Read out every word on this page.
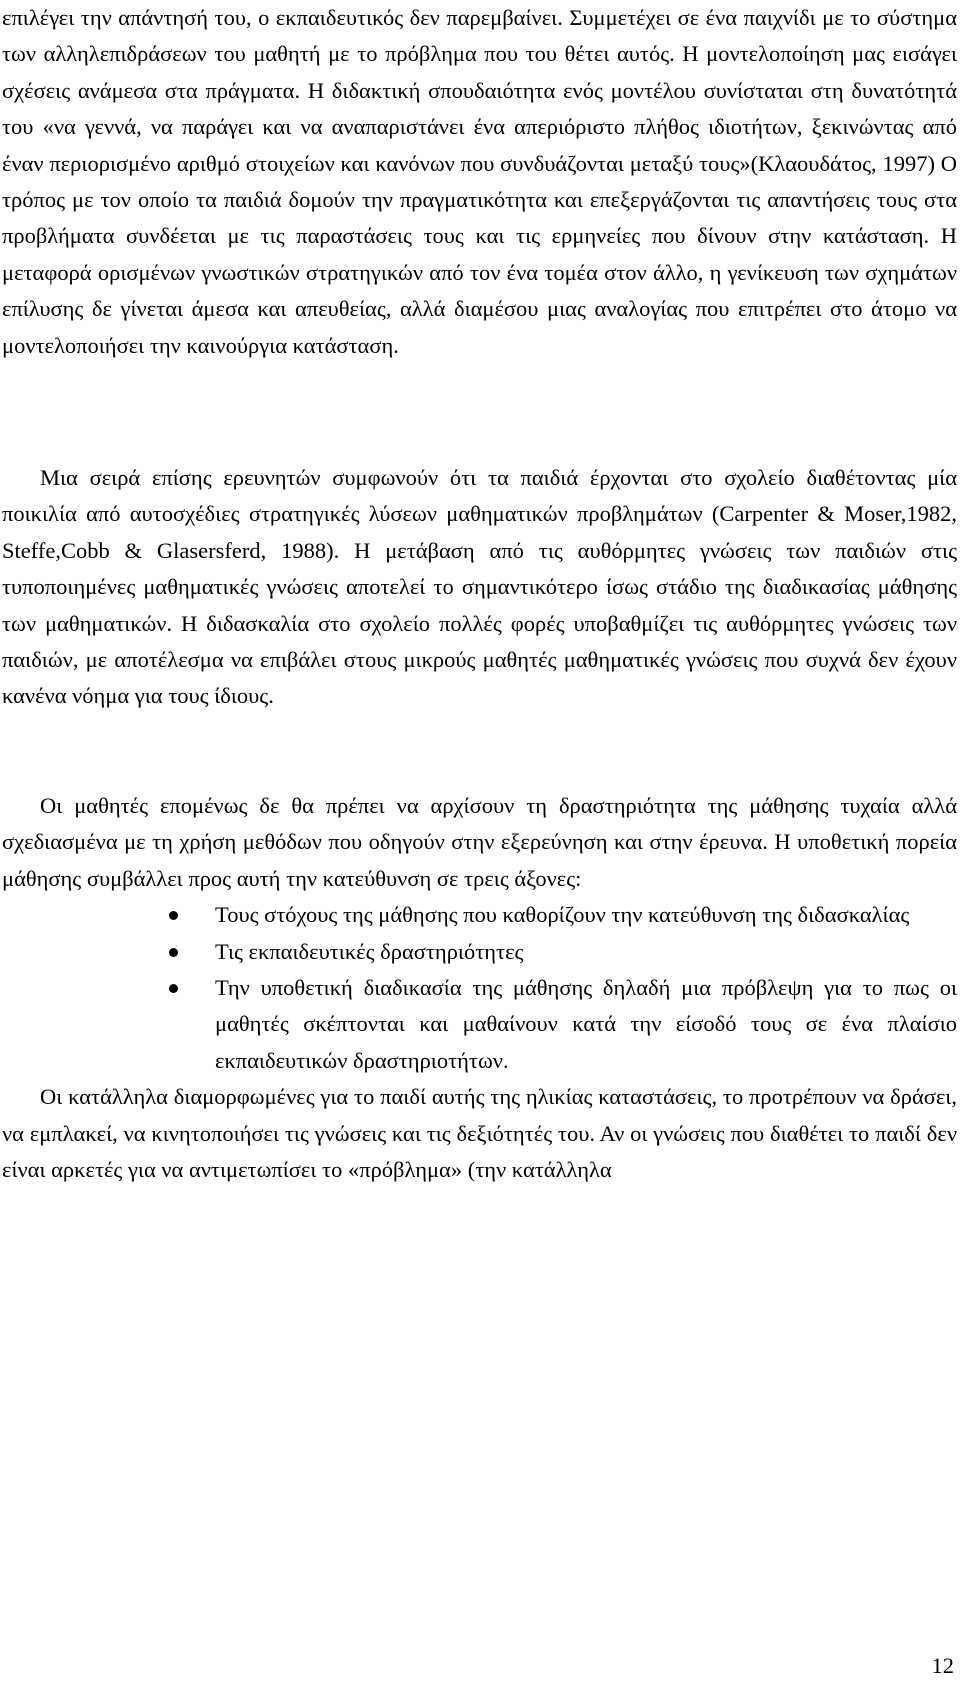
επιλέγει την απάντησή του, ο εκπαιδευτικός δεν παρεμβαίνει. Συμμετέχει σε ένα παιχνίδι με το σύστημα των αλληλεπιδράσεων του μαθητή με το πρόβλημα που του θέτει αυτός. Η μοντελοποίηση μας εισάγει σχέσεις ανάμεσα στα πράγματα. Η διδακτική σπουδαιότητα ενός μοντέλου συνίσταται στη δυνατότητά του «να γεννά, να παράγει και να αναπαριστάνει ένα απεριόριστο πλήθος ιδιοτήτων, ξεκινώντας από έναν περιορισμένο αριθμό στοιχείων και κανόνων που συνδυάζονται μεταξύ τους»(Κλαουδάτος, 1997) Ο τρόπος με τον οποίο τα παιδιά δομούν την πραγματικότητα και επεξεργάζονται τις απαντήσεις τους στα προβλήματα συνδέεται με τις παραστάσεις τους και τις ερμηνείες που δίνουν στην κατάσταση. Η μεταφορά ορισμένων γνωστικών στρατηγικών από τον ένα τομέα στον άλλο, η γενίκευση των σχημάτων επίλυσης δε γίνεται άμεσα και απευθείας, αλλά διαμέσου μιας αναλογίας που επιτρέπει στο άτομο να μοντελοποιήσει την καινούργια κατάσταση.

Μια σειρά επίσης ερευνητών συμφωνούν ότι τα παιδιά έρχονται στο σχολείο διαθέτοντας μία ποικιλία από αυτοσχέδιες στρατηγικές λύσεων μαθηματικών προβλημάτων (Carpenter & Moser,1982, Steffe,Cobb & Glasersferd, 1988). Η μετάβαση από τις αυθόρμητες γνώσεις των παιδιών στις τυποποιημένες μαθηματικές γνώσεις αποτελεί το σημαντικότερο ίσως στάδιο της διαδικασίας μάθησης των μαθηματικών. Η διδασκαλία στο σχολείο πολλές φορές υποβαθμίζει τις αυθόρμητες γνώσεις των παιδιών, με αποτέλεσμα να επιβάλει στους μικρούς μαθητές μαθηματικές γνώσεις που συχνά δεν έχουν κανένα νόημα για τους ίδιους.

Οι μαθητές επομένως δε θα πρέπει να αρχίσουν τη δραστηριότητα της μάθησης τυχαία αλλά σχεδιασμένα με τη χρήση μεθόδων που οδηγούν στην εξερεύνηση και στην έρευνα. Η υποθετική πορεία μάθησης συμβάλλει προς αυτή την κατεύθυνση σε τρεις άξονες:

Τους στόχους της μάθησης που καθορίζουν την κατεύθυνση της διδασκαλίας
Τις εκπαιδευτικές δραστηριότητες
Την υποθετική διαδικασία της μάθησης δηλαδή μια πρόβλεψη για το πως οι μαθητές σκέπτονται και μαθαίνουν κατά την είσοδό τους σε ένα πλαίσιο εκπαιδευτικών δραστηριοτήτων.

Οι κατάλληλα διαμορφωμένες για το παιδί αυτής της ηλικίας καταστάσεις, το προτρέπουν να δράσει, να εμπλακεί, να κινητοποιήσει τις γνώσεις και τις δεξιότητές του. Αν οι γνώσεις που διαθέτει το παιδί δεν είναι αρκετές για να αντιμετωπίσει το «πρόβλημα» (την κατάλληλα

12
